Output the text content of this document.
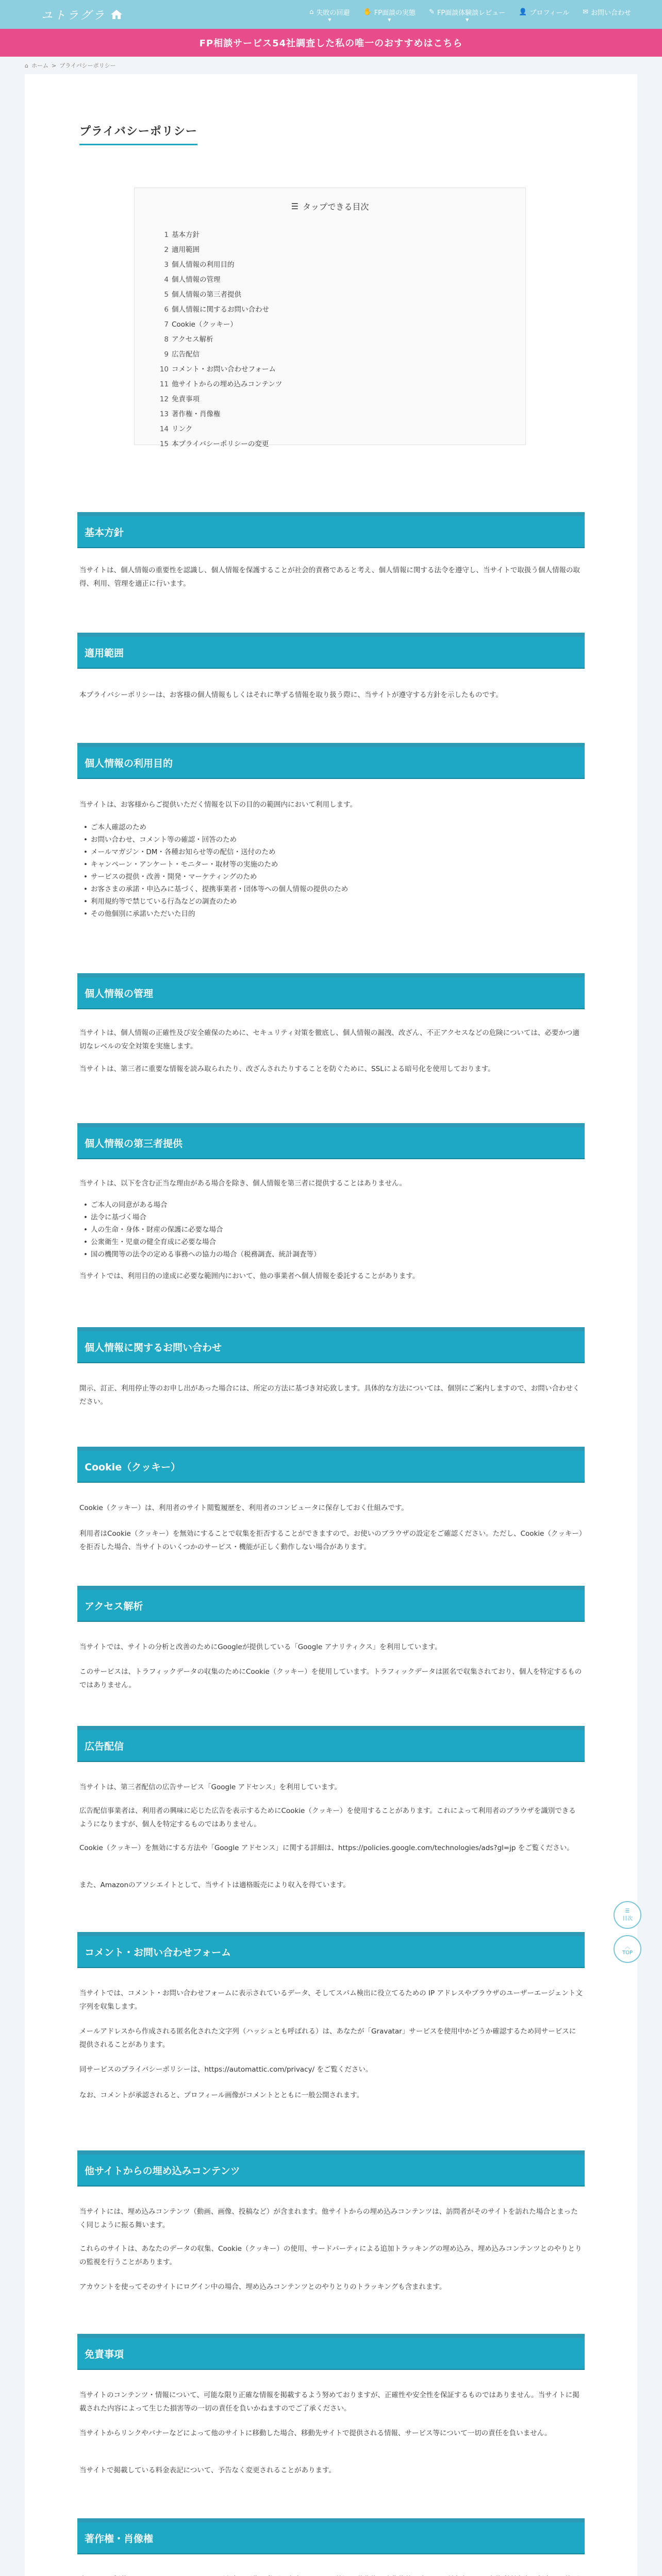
ユトラグラ	⌂ 失敗の回避
▼
✋ FP面談の実態
▼
✎ FP面談体験談レビュー
▼
👤 プロフィール ✉ お問い合わせ
FP相談サービス54社調査した私の唯一のおすすめはこちら
⌂ ホーム > プライバシーポリシー
プライバシーポリシー
☰ タップできる目次
1 基本方針
2 適用範囲
3 個人情報の利用目的
4 個人情報の管理
5 個人情報の第三者提供
6 個人情報に関するお問い合わせ
7 Cookie（クッキー）
8 アクセス解析
9 広告配信
10 コメント・お問い合わせフォーム
11 他サイトからの埋め込みコンテンツ
12 免責事項
13 著作権・肖像権
14 リンク
15 本プライバシーポリシーの変更
基本方針

当サイトは、個人情報の重要性を認識し、個人情報を保護することが社会的責務であると考え、個人情報に関する法令を遵守し、当サイトで取扱う個人情報の取得、利用、管理を適正に行います。

適用範囲

本プライバシーポリシーは、お客様の個人情報もしくはそれに準ずる情報を取り扱う際に、当サイトが遵守する方針を示したものです。

個人情報の利用目的

当サイトは、お客様からご提供いただく情報を以下の目的の範囲内において利用します。

• ご本人確認のため
• お問い合わせ、コメント等の確認・回答のため
• メールマガジン・DM・各種お知らせ等の配信・送付のため
• キャンペーン・アンケート・モニター・取材等の実施のため
• サービスの提供・改善・開発・マーケティングのため
• お客さまの承諾・申込みに基づく、提携事業者・団体等への個人情報の提供のため
• 利用規約等で禁じている行為などの調査のため
• その他個別に承諾いただいた目的
個人情報の管理

当サイトは、個人情報の正確性及び安全確保のために、セキュリティ対策を徹底し、個人情報の漏洩、改ざん、不正アクセスなどの危険については、必要かつ適切なレベルの安全対策を実施します。

当サイトは、第三者に重要な情報を読み取られたり、改ざんされたりすることを防ぐために、SSLによる暗号化を使用しております。

個人情報の第三者提供

当サイトは、以下を含む正当な理由がある場合を除き、個人情報を第三者に提供することはありません。

• ご本人の同意がある場合
• 法令に基づく場合
• 人の生命・身体・財産の保護に必要な場合
• 公衆衛生・児童の健全育成に必要な場合
• 国の機関等の法令の定める事務への協力の場合（税務調査、統計調査等）

当サイトでは、利用目的の達成に必要な範囲内において、他の事業者へ個人情報を委託することがあります。

個人情報に関するお問い合わせ

開示、訂正、利用停止等のお申し出があった場合には、所定の方法に基づき対応致します。具体的な方法については、個別にご案内しますので、お問い合わせください。

Cookie（クッキー）

Cookie（クッキー）は、利用者のサイト閲覧履歴を、利用者のコンピュータに保存しておく仕組みです。

利用者はCookie（クッキー）を無効にすることで収集を拒否することができますので、お使いのブラウザの設定をご確認ください。ただし、Cookie（クッキー）を拒否した場合、当サイトのいくつかのサービス・機能が正しく動作しない場合があります。

アクセス解析

当サイトでは、サイトの分析と改善のためにGoogleが提供している「Google アナリティクス」を利用しています。

このサービスは、トラフィックデータの収集のためにCookie（クッキー）を使用しています。トラフィックデータは匿名で収集されており、個人を特定するものではありません。

広告配信

当サイトは、第三者配信の広告サービス「Google アドセンス」を利用しています。

広告配信事業者は、利用者の興味に応じた広告を表示するためにCookie（クッキー）を使用することがあります。これによって利用者のブラウザを識別できるようになりますが、個人を特定するものではありません。

Cookie（クッキー）を無効にする方法や「Google アドセンス」に関する詳細は、https://policies.google.com/technologies/ads?gl=jp をご覧ください。

また、Amazonのアソシエイトとして、当サイトは適格販売により収入を得ています。

コメント・お問い合わせフォーム

当サイトでは、コメント・お問い合わせフォームに表示されているデータ、そしてスパム検出に役立てるための IP アドレスやブラウザのユーザーエージェント文字列を収集します。

メールアドレスから作成される匿名化された文字列（ハッシュとも呼ばれる）は、あなたが「Gravatar」サービスを使用中かどうか確認するため同サービスに提供されることがあります。

同サービスのプライバシーポリシーは、https://automattic.com/privacy/ をご覧ください。

なお、コメントが承認されると、プロフィール画像がコメントとともに一般公開されます。

他サイトからの埋め込みコンテンツ

当サイトには、埋め込みコンテンツ（動画、画像、投稿など）が含まれます。他サイトからの埋め込みコンテンツは、訪問者がそのサイトを訪れた場合とまったく同じように振る舞います。

これらのサイトは、あなたのデータの収集、Cookie（クッキー）の使用、サードパーティによる追加トラッキングの埋め込み、埋め込みコンテンツとのやりとりの監視を行うことがあります。

アカウントを使ってそのサイトにログイン中の場合、埋め込みコンテンツとのやりとりのトラッキングも含まれます。

免責事項

当サイトのコンテンツ・情報について、可能な限り正確な情報を掲載するよう努めておりますが、正確性や安全性を保証するものではありません。当サイトに掲載された内容によって生じた損害等の一切の責任を負いかねますのでご了承ください。

当サイトからリンクやバナーなどによって他のサイトに移動した場合、移動先サイトで提供される情報、サービス等について一切の責任を負いません。

当サイトで掲載している料金表記について、予告なく変更されることがあります。

著作権・肖像権

☰
目次
︿
TOP
